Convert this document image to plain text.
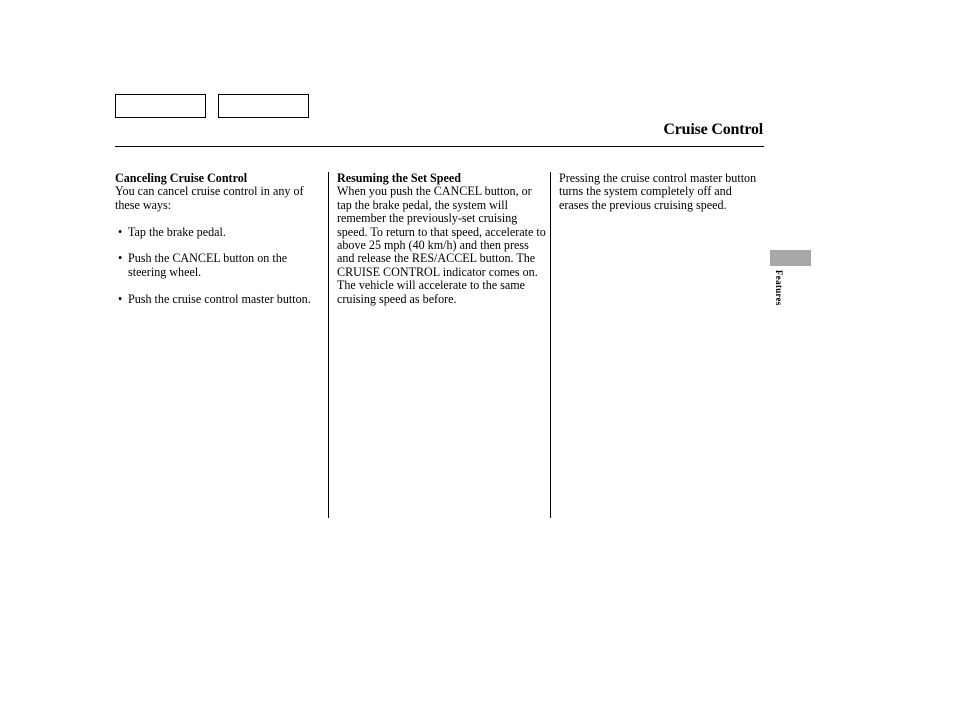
Cruise Control

Canceling Cruise Control

You can cancel cruise control in any of these ways:

• Tap the brake pedal.
• Push the CANCEL button on the steering wheel.
• Push the cruise control master button.

Resuming the Set Speed

When you push the CANCEL button, or tap the brake pedal, the system will remember the previously-set cruising speed. To return to that speed, accelerate to above 25 mph (40 km/h) and then press and release the RES/ACCEL button. The CRUISE CONTROL indicator comes on. The vehicle will accelerate to the same cruising speed as before.

Pressing the cruise control master button turns the system completely off and erases the previous cruising speed.

Features
